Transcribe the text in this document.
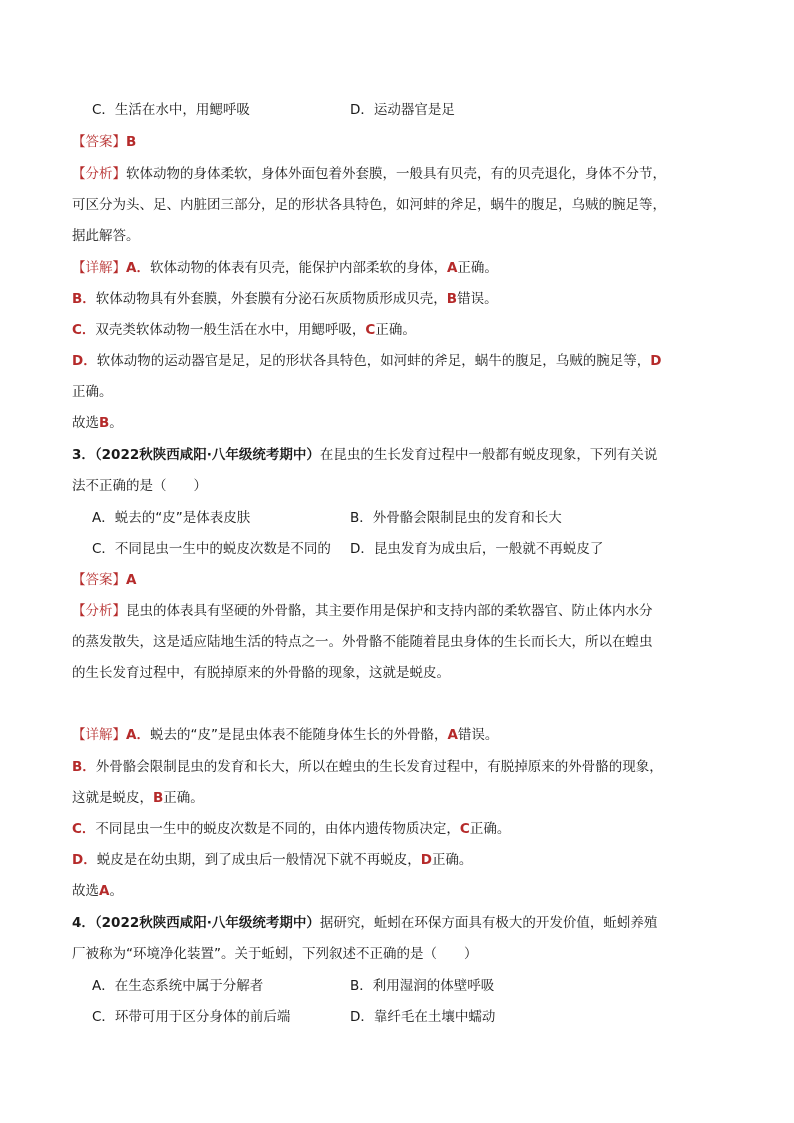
C．生活在水中，用鳃呼吸	D．运动器官是足
【答案】B
【分析】软体动物的身体柔软，身体外面包着外套膜，一般具有贝壳，有的贝壳退化，身体不分节，
可区分为头、足、内脏团三部分，足的形状各具特色，如河蚌的斧足，蜗牛的腹足，乌贼的腕足等，
据此解答。
【详解】A．软体动物的体表有贝壳，能保护内部柔软的身体，A正确。
B．软体动物具有外套膜，外套膜有分泌石灰质物质形成贝壳，B错误。
C．双壳类软体动物一般生活在水中，用鳃呼吸，C正确。
D．软体动物的运动器官是足，足的形状各具特色，如河蚌的斧足，蜗牛的腹足，乌贼的腕足等，D
正确。
故选B。
3．（2022秋陕西咸阳·八年级统考期中）在昆虫的生长发育过程中一般都有蜕皮现象，下列有关说
法不正确的是（　　）
A．蜕去的“皮”是体表皮肤	B．外骨骼会限制昆虫的发育和长大
C．不同昆虫一生中的蜕皮次数是不同的 D．昆虫发育为成虫后，一般就不再蜕皮了
【答案】A
【分析】昆虫的体表具有坚硬的外骨骼，其主要作用是保护和支持内部的柔软器官、防止体内水分
的蒸发散失，这是适应陆地生活的特点之一。外骨骼不能随着昆虫身体的生长而长大，所以在蝗虫
的生长发育过程中，有脱掉原来的外骨骼的现象，这就是蜕皮。
【详解】A．蜕去的“皮”是昆虫体表不能随身体生长的外骨骼，A错误。
B．外骨骼会限制昆虫的发育和长大，所以在蝗虫的生长发育过程中，有脱掉原来的外骨骼的现象，
这就是蜕皮，B正确。
C．不同昆虫一生中的蜕皮次数是不同的，由体内遗传物质决定，C正确。
D．蜕皮是在幼虫期，到了成虫后一般情况下就不再蜕皮，D正确。
故选A。
4．（2022秋陕西咸阳·八年级统考期中）据研究，蚯蚓在环保方面具有极大的开发价值，蚯蚓养殖
厂被称为“环境净化装置”。关于蚯蚓，下列叙述不正确的是（　　）
A．在生态系统中属于分解者	B．利用湿润的体壁呼吸
C．环带可用于区分身体的前后端	D．靠纤毛在土壤中蠕动
